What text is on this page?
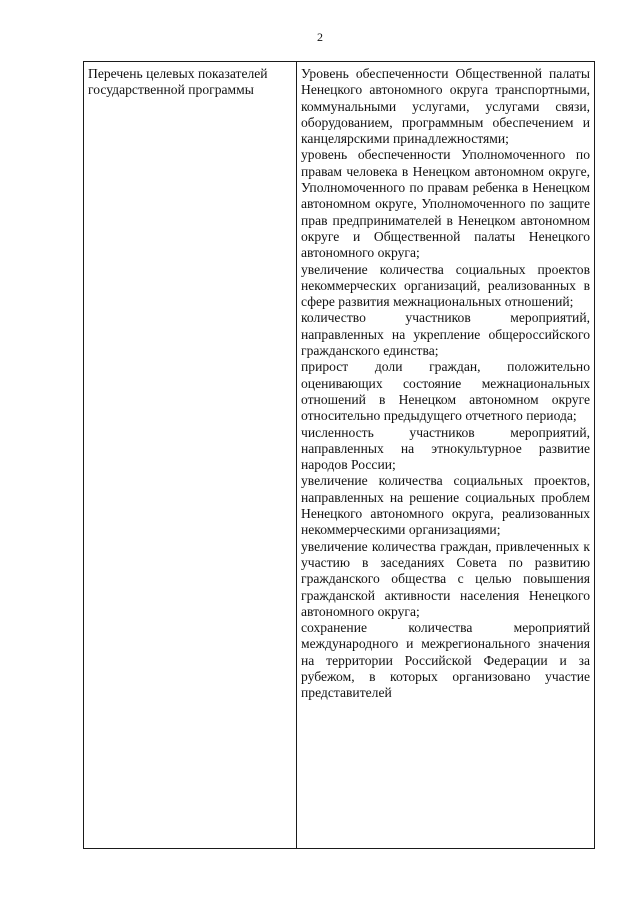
2

Перечень целевых показателей государственной программы

Уровень обеспеченности Общественной палаты Ненецкого автономного округа транспортными, коммунальными услугами, услугами связи, оборудованием, программным обеспечением и канцелярскими принадлежностями;

уровень обеспеченности Уполномоченного по правам человека в Ненецком автономном округе, Уполномоченного по правам ребенка в Ненецком автономном округе, Уполномоченного по защите прав предпринимателей в Ненецком автономном округе и Общественной палаты Ненецкого автономного округа;

увеличение количества социальных проектов некоммерческих организаций, реализованных в сфере развития межнациональных отношений;

количество участников мероприятий, направленных на укрепление общероссийского гражданского единства;

прирост доли граждан, положительно оценивающих состояние межнациональных отношений в Ненецком автономном округе относительно предыдущего отчетного периода;

численность участников мероприятий, направленных на этнокультурное развитие народов России;

увеличение количества социальных проектов, направленных на решение социальных проблем Ненецкого автономного округа, реализованных некоммерческими организациями;

увеличение количества граждан, привлеченных к участию в заседаниях Совета по развитию гражданского общества с целью повышения гражданской активности населения Ненецкого автономного округа;

сохранение количества мероприятий международного и межрегионального значения на территории Российской Федерации и за рубежом, в которых организовано участие представителей
